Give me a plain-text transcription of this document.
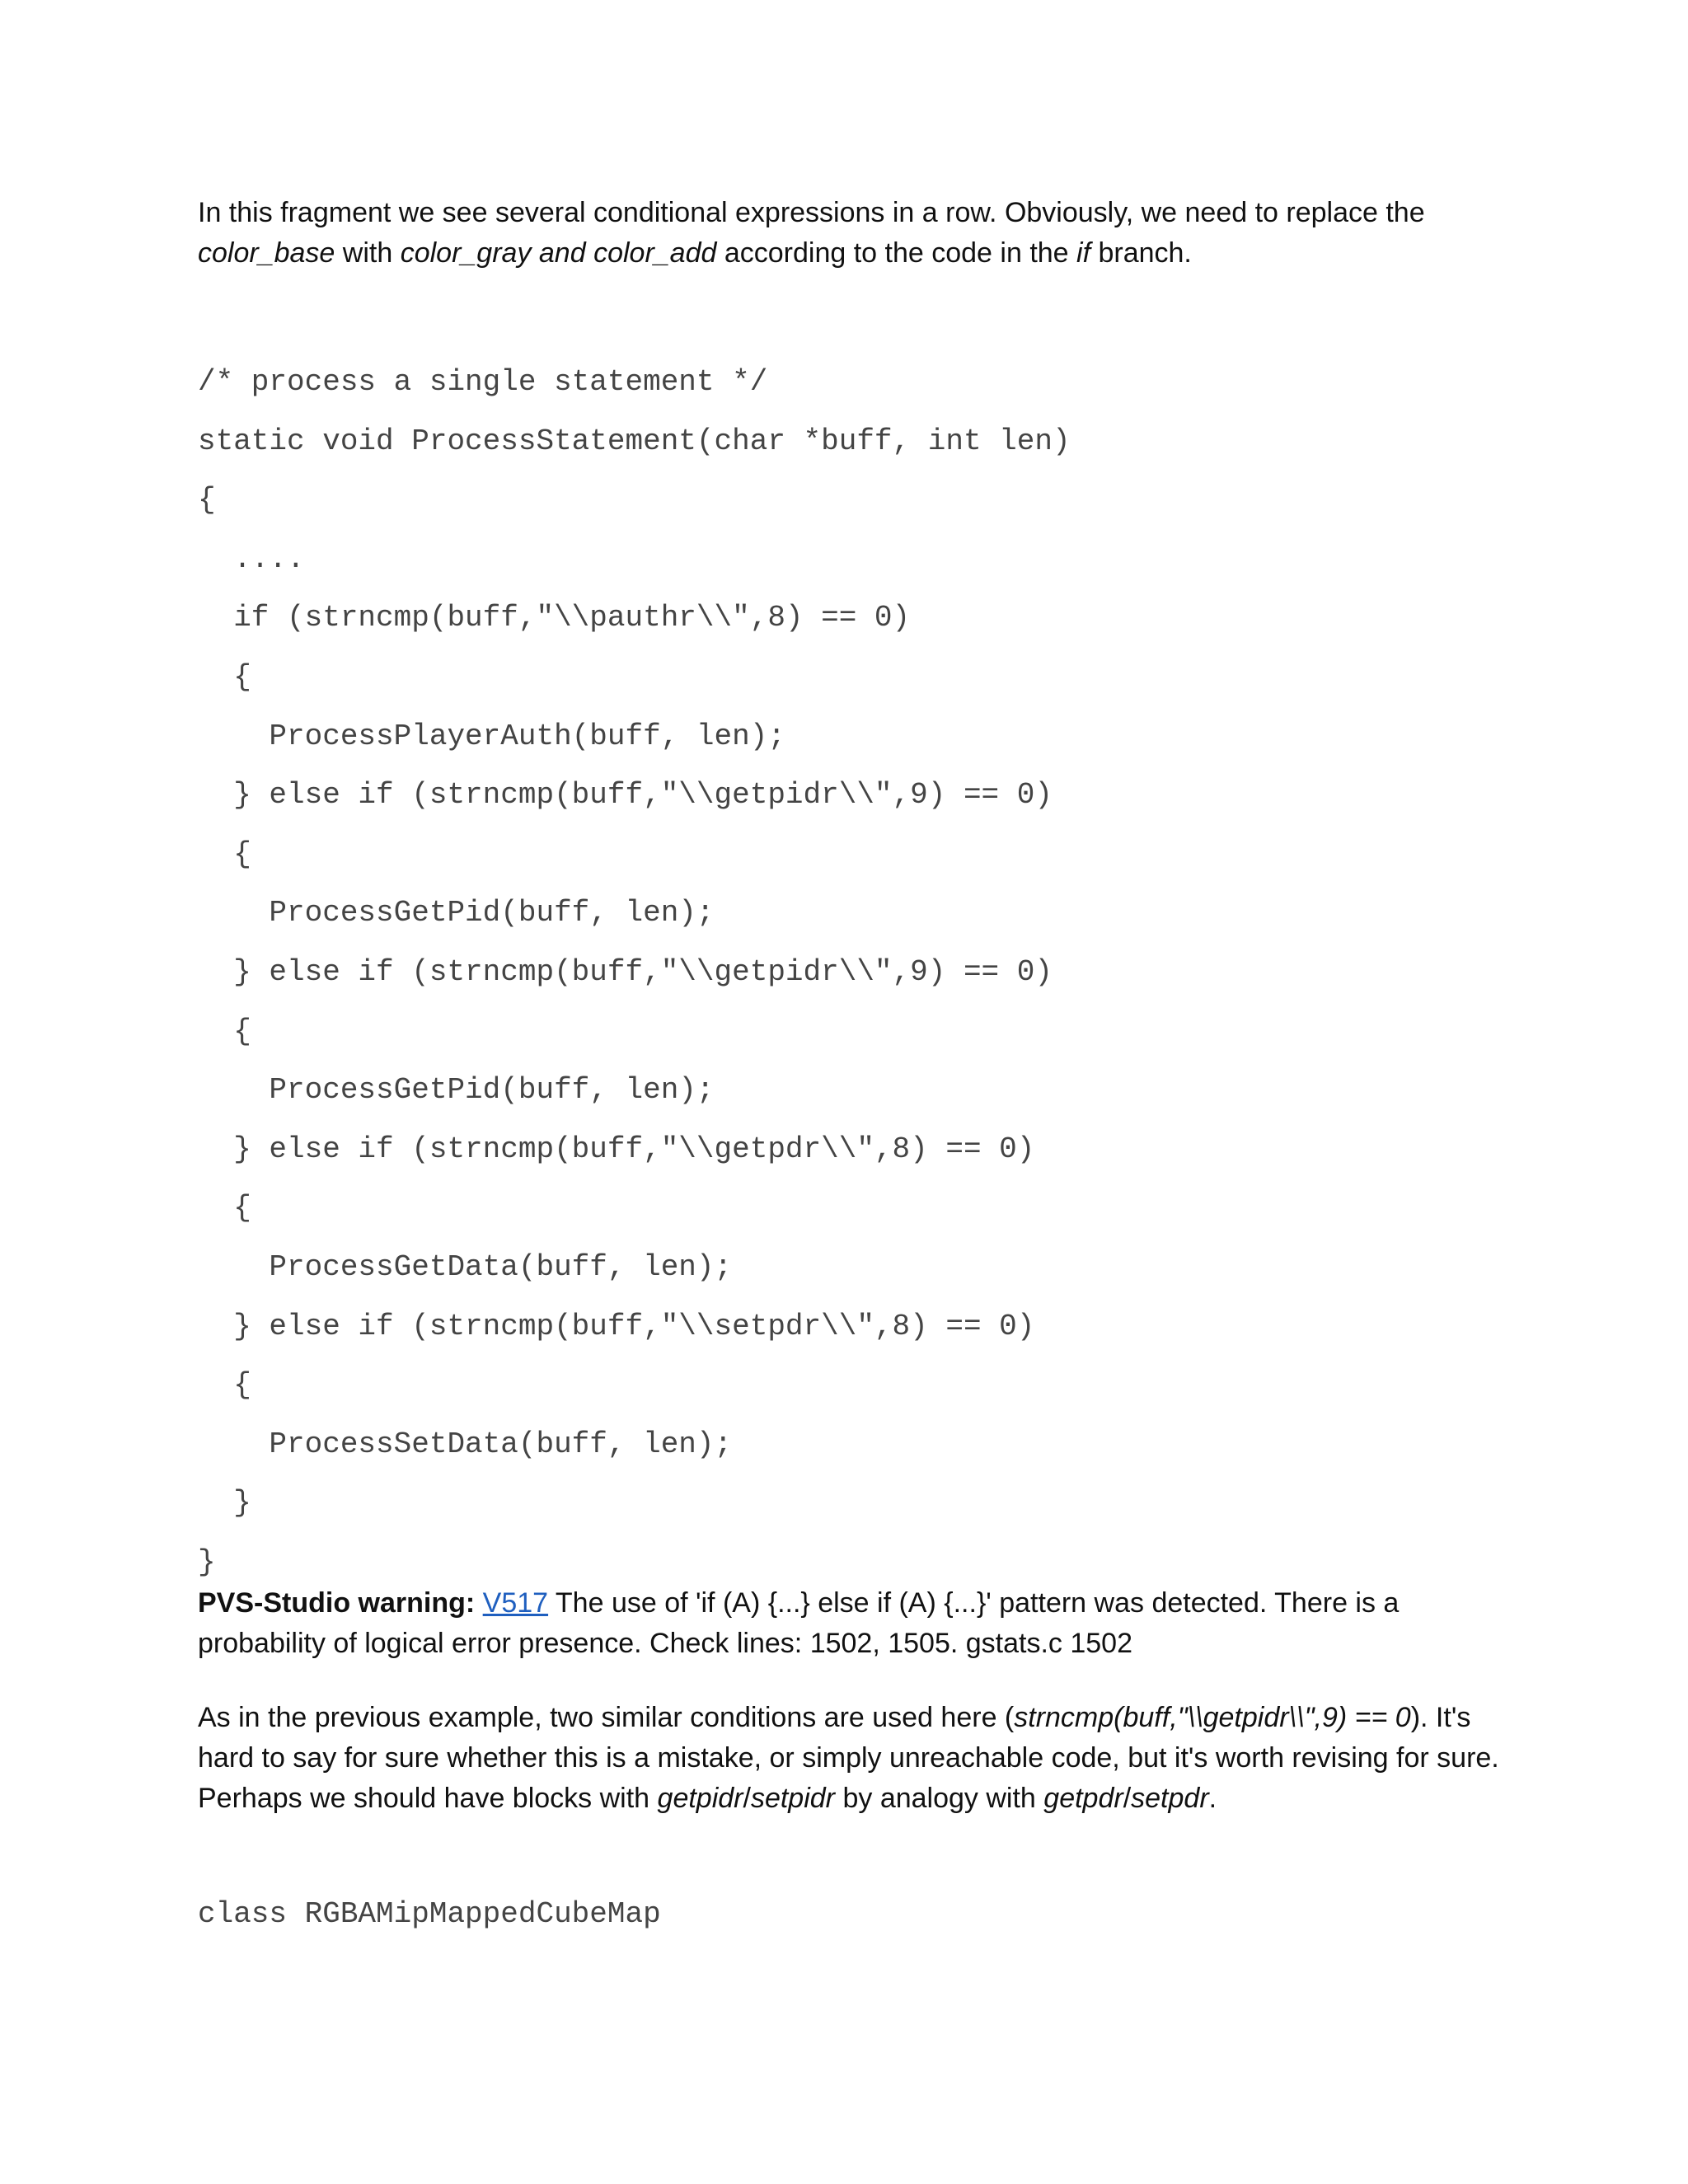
In this fragment we see several conditional expressions in a row. Obviously, we need to replace the
color_base with color_gray and color_add according to the code in the if branch.

/* process a single statement */
static void ProcessStatement(char *buff, int len)
{
....
if (strncmp(buff,"\\pauthr\\",8) == 0)
{
ProcessPlayerAuth(buff, len);
} else if (strncmp(buff,"\\getpidr\\",9) == 0)
{
ProcessGetPid(buff, len);
} else if (strncmp(buff,"\\getpidr\\",9) == 0)
{
ProcessGetPid(buff, len);
} else if (strncmp(buff,"\\getpdr\\",8) == 0)
{
ProcessGetData(buff, len);
} else if (strncmp(buff,"\\setpdr\\",8) == 0)
{
ProcessSetData(buff, len);
}
}

PVS-Studio warning: V517 The use of 'if (A) {...} else if (A) {...}' pattern was detected. There is a probability of logical error presence. Check lines: 1502, 1505. gstats.c 1502

As in the previous example, two similar conditions are used here (strncmp(buff,"\\getpidr\\",9) == 0). It's hard to say for sure whether this is a mistake, or simply unreachable code, but it's worth revising for sure. Perhaps we should have blocks with getpidr/setpidr by analogy with getpdr/setpdr.

class RGBAMipMappedCubeMap
